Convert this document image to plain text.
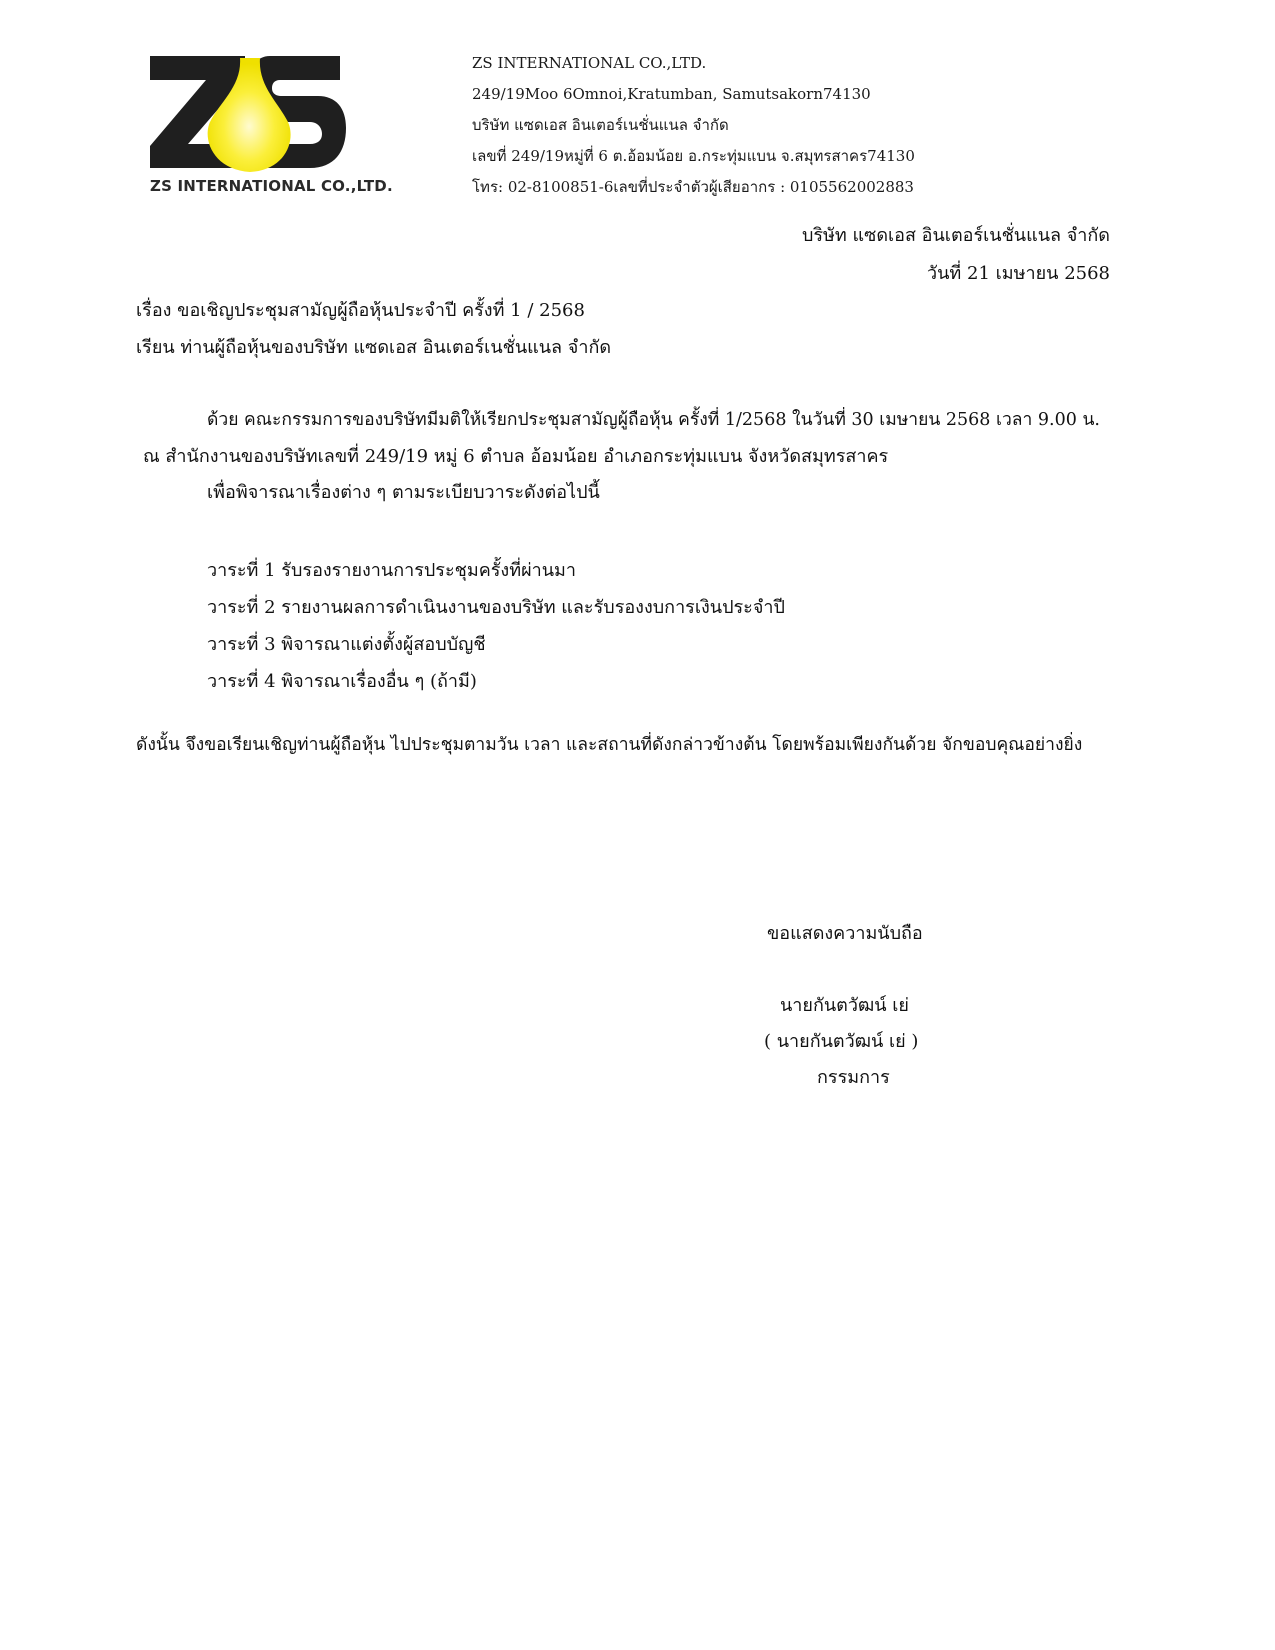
ZS INTERNATIONAL CO.,LTD.
ZS INTERNATIONAL CO.,LTD.
249/19Moo 6Omnoi,Kratumban, Samutsakorn74130
บริษัท แซดเอส อินเตอร์เนชั่นแนล จำกัด
เลขที่ 249/19หมู่ที่ 6 ต.อ้อมน้อย อ.กระทุ่มแบน จ.สมุทรสาคร74130
โทร: 02-8100851-6เลขที่ประจำตัวผู้เสียอากร : 0105562002883
บริษัท แซดเอส อินเตอร์เนชั่นแนล จำกัด
วันที่ 21 เมษายน 2568
เรื่อง ขอเชิญประชุมสามัญผู้ถือหุ้นประจำปี ครั้งที่ 1 / 2568
เรียน ท่านผู้ถือหุ้นของบริษัท แซดเอส อินเตอร์เนชั่นแนล จำกัด
ด้วย คณะกรรมการของบริษัทมีมติให้เรียกประชุมสามัญผู้ถือหุ้น ครั้งที่ 1/2568 ในวันที่ 30 เมษายน 2568 เวลา 9.00 น.
ณ สำนักงานของบริษัทเลขที่ 249/19 หมู่ 6 ตำบล อ้อมน้อย อำเภอกระทุ่มแบน จังหวัดสมุทรสาคร
เพื่อพิจารณาเรื่องต่าง ๆ ตามระเบียบวาระดังต่อไปนี้
วาระที่ 1 รับรองรายงานการประชุมครั้งที่ผ่านมา
วาระที่ 2 รายงานผลการดำเนินงานของบริษัท และรับรองงบการเงินประจำปี
วาระที่ 3 พิจารณาแต่งตั้งผู้สอบบัญชี
วาระที่ 4 พิจารณาเรื่องอื่น ๆ (ถ้ามี)
ดังนั้น จึงขอเรียนเชิญท่านผู้ถือหุ้น ไปประชุมตามวัน เวลา และสถานที่ดังกล่าวข้างต้น โดยพร้อมเพียงกันด้วย จักขอบคุณอย่างยิ่ง
ขอแสดงความนับถือ
นายกันตวัฒน์ เย่
( นายกันตวัฒน์ เย่ )
กรรมการ
